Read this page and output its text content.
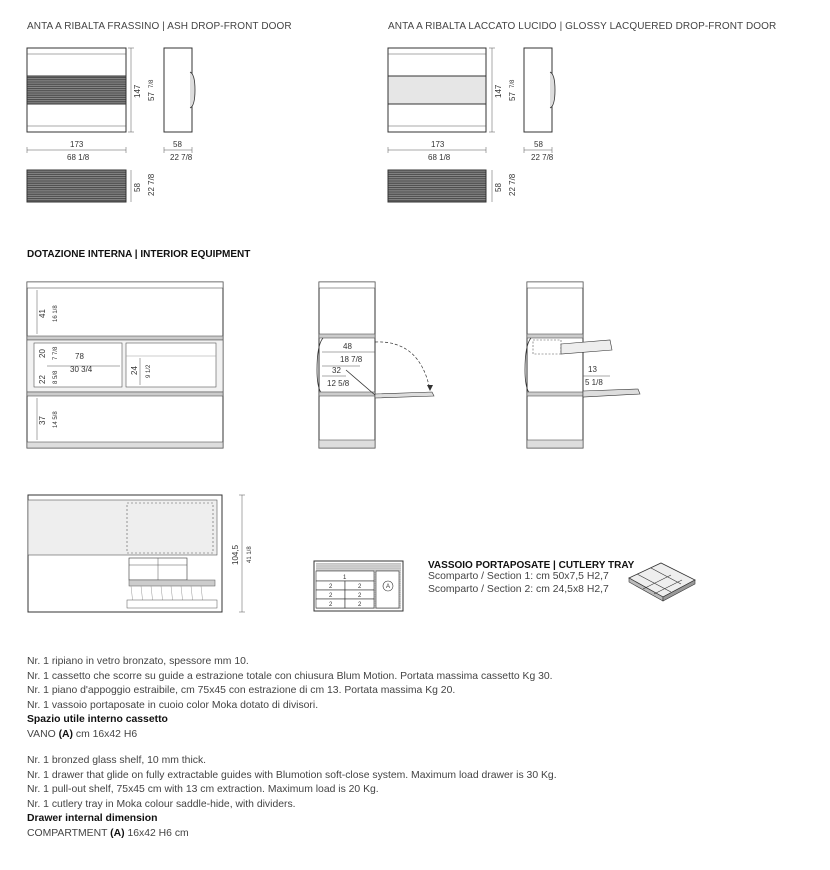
ANTA A RIBALTA FRASSINO | ASH DROP-FRONT DOOR	ANTA A RIBALTA LACCATO LUCIDO | GLOSSY LACQUERED DROP-FRONT DOOR
DOTAZIONE INTERNA | INTERIOR EQUIPMENT
147 57
7/8
173
68 1/8
58
22 7/8
58 22 7/8
147 57
7/8
173
68 1/8
58
22 7/8
58 22 7/8
41 16 1/8
20 7 7/8
22 8 5/8
37 14 5/8
78
30 3/4	24 9 1/2
48
18 7/8
32
12 5/8
13
5 1/8
104,5 41 1/8
1
2	2
2	2
2	2
A
VASSOIO PORTAPOSATE | CUTLERY TRAY
Scomparto / Section 1: cm 50x7,5 H2,7
Scomparto / Section 2: cm 24,5x8 H2,7
Nr. 1 ripiano in vetro bronzato, spessore mm 10.
Nr. 1 cassetto che scorre su guide a estrazione totale con chiusura Blum Motion. Portata massima cassetto Kg 30.
Nr. 1 piano d'appoggio estraibile, cm 75x45 con estrazione di cm 13. Portata massima Kg 20.
Nr. 1 vassoio portaposate in cuoio color Moka dotato di divisori.
Spazio utile interno cassetto
VANO (A) cm 16x42 H6
Nr. 1 bronzed glass shelf, 10 mm thick.
Nr. 1 drawer that glide on fully extractable guides with Blumotion soft-close system. Maximum load drawer is 30 Kg.
Nr. 1 pull-out shelf, 75x45 cm with 13 cm extraction. Maximum load is 20 Kg.
Nr. 1 cutlery tray in Moka colour saddle-hide, with dividers.
Drawer internal dimension
COMPARTMENT (A) 16x42 H6 cm
